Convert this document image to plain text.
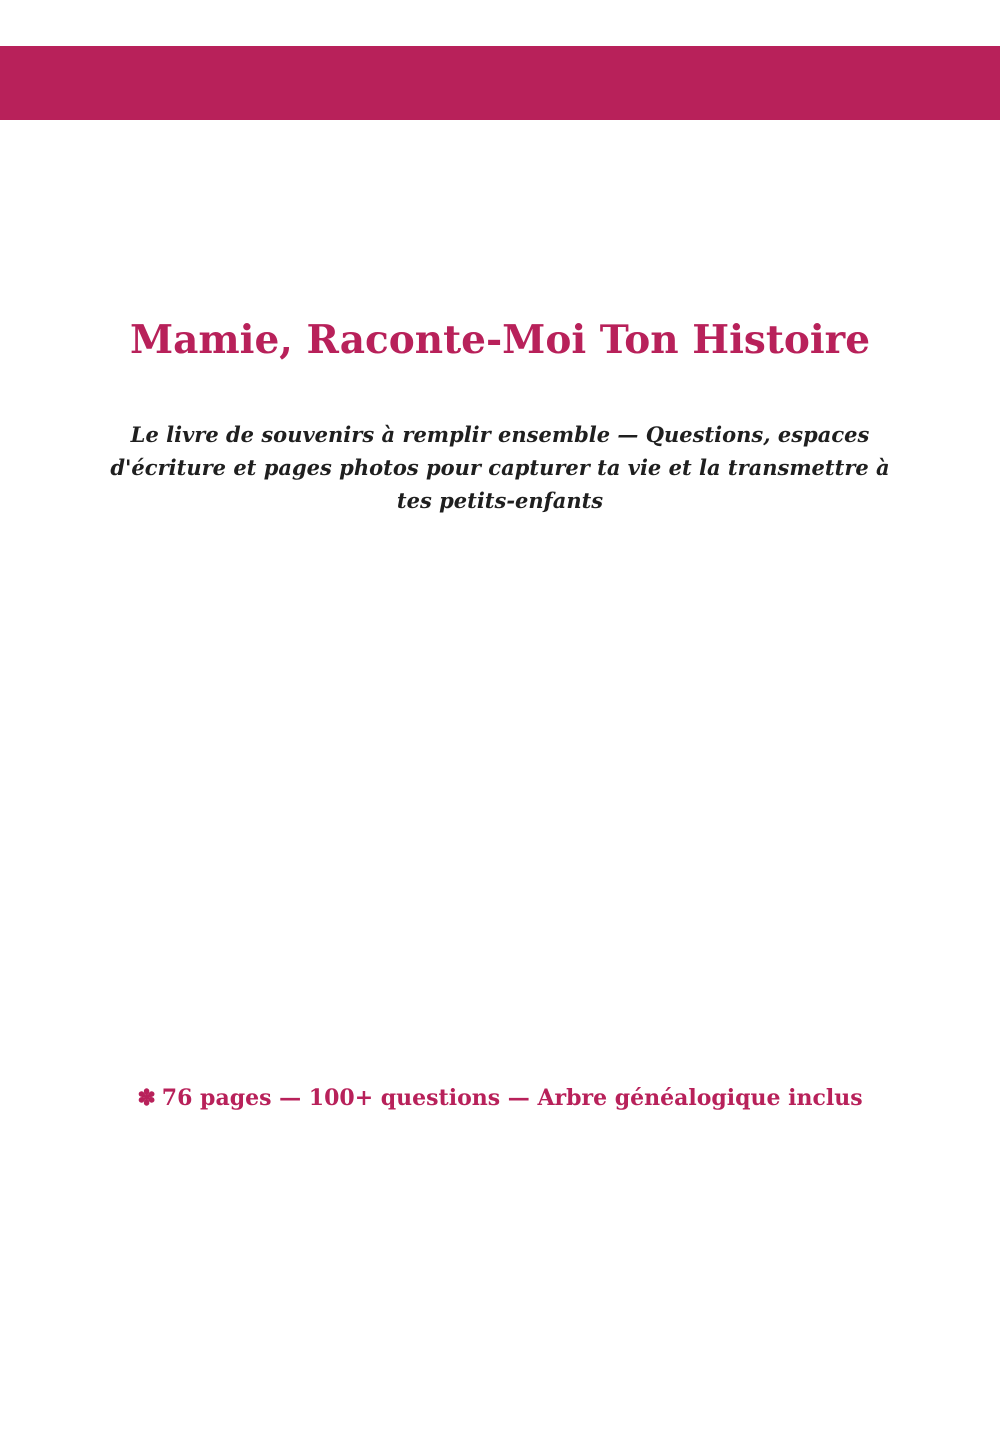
Mamie, Raconte-Moi Ton Histoire

Le livre de souvenirs à remplir ensemble — Questions, espaces d'écriture et pages photos pour capturer ta vie et la transmettre à tes petits-enfants

✽ 76 pages — 100+ questions — Arbre généalogique inclus
